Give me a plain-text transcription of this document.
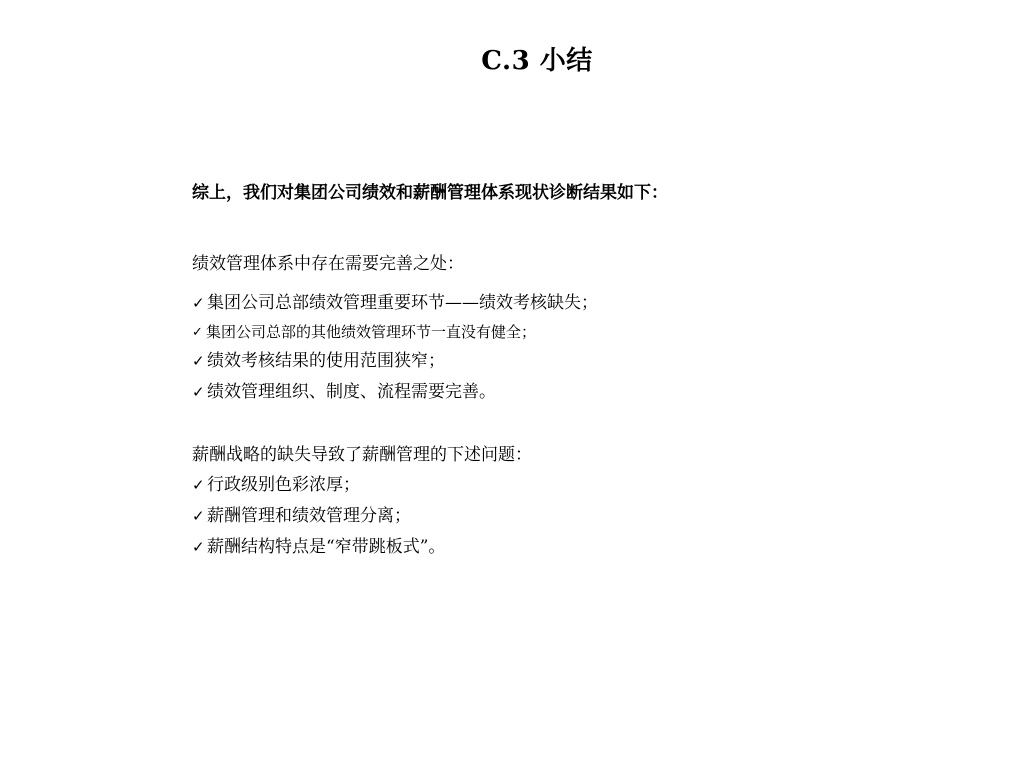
C.3 小结
综上，我们对集团公司绩效和薪酬管理体系现状诊断结果如下：

绩效管理体系中存在需要完善之处：

✓ 集团公司总部绩效管理重要环节——绩效考核缺失；
✓ 集团公司总部的其他绩效管理环节一直没有健全；
✓ 绩效考核结果的使用范围狭窄；
✓ 绩效管理组织、制度、流程需要完善。

薪酬战略的缺失导致了薪酬管理的下述问题：

✓ 行政级别色彩浓厚；
✓ 薪酬管理和绩效管理分离；
✓ 薪酬结构特点是“窄带跳板式”。
